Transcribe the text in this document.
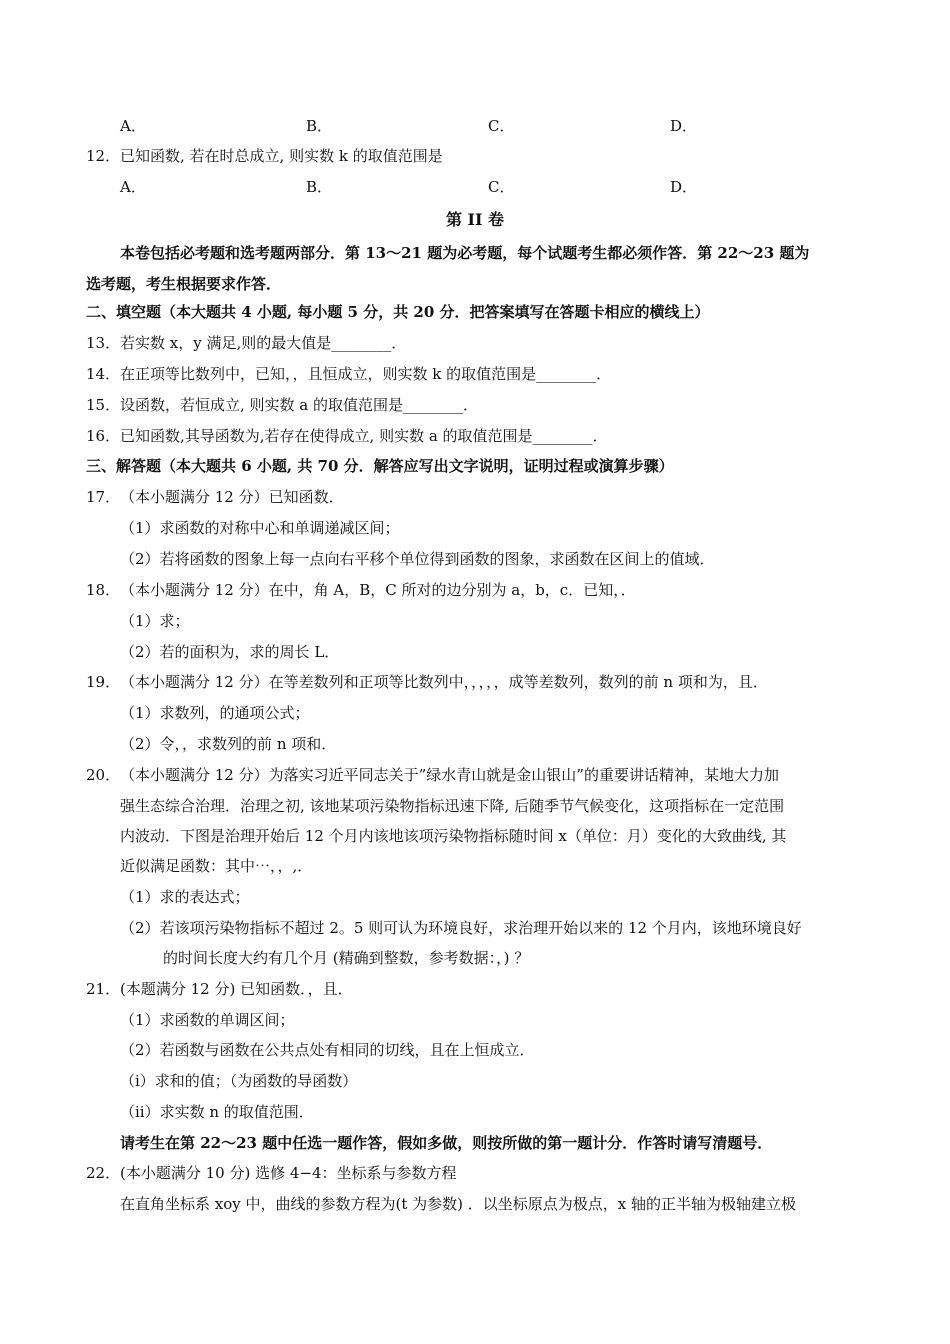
A．	B．	C．	D．
12． 已知函数, 若在时总成立, 则实数 k 的取值范围是
A．	B．	C．	D．
第 II 卷
本卷包括必考题和选考题两部分．第 13～21 题为必考题，每个试题考生都必须作答．第 22～23 题为
选考题，考生根据要求作答．
二、填空题（本大题共 4 小题, 每小题 5 分，共 20 分．把答案填写在答题卡相应的横线上）
13． 若实数 x，y 满足,则的最大值是________．
14． 在正项等比数列中，已知，，且恒成立，则实数 k 的取值范围是________．
15． 设函数，若恒成立, 则实数 a 的取值范围是________．
16． 已知函数,其导函数为,若存在使得成立, 则实数 a 的取值范围是________．
三、解答题（本大题共 6 小题, 共 70 分．解答应写出文字说明，证明过程或演算步骤）
17． （本小题满分 12 分）已知函数．
（1）求函数的对称中心和单调递减区间；
（2）若将函数的图象上每一点向右平移个单位得到函数的图象，求函数在区间上的值域．
18． （本小题满分 12 分）在中，角 A，B，C 所对的边分别为 a，b，c．已知，．
（1）求；
（2）若的面积为，求的周长 L．
19． （本小题满分 12 分）在等差数列和正项等比数列中，，，，，成等差数列，数列的前 n 项和为，且．
（1）求数列，的通项公式；
（2）令，，求数列的前 n 项和．
20． （本小题满分 12 分）为落实习近平同志关于”绿水青山就是金山银山”的重要讲话精神，某地大力加
强生态综合治理．治理之初, 该地某项污染物指标迅速下降, 后随季节气候变化，这项指标在一定范围
内波动．下图是治理开始后 12 个月内该地该项污染物指标随时间 x（单位：月）变化的大致曲线, 其
近似满足函数：其中⋯，，,．
（1）求的表达式；
（2）若该项污染物指标不超过 2。5 则可认为环境良好，求治理开始以来的 12 个月内，该地环境良好
的时间长度大约有几个月 (精确到整数，参考数据：，) ？
21． (本题满分 12 分) 已知函数．，且．
（1）求函数的单调区间；
（2）若函数与函数在公共点处有相同的切线，且在上恒成立．
（i）求和的值；（为函数的导函数）
（ii）求实数 n 的取值范围．
请考生在第 22～23 题中任选一题作答，假如多做，则按所做的第一题计分．作答时请写清题号．
22． (本小题满分 10 分) 选修 4−4：坐标系与参数方程
在直角坐标系 xoy 中，曲线的参数方程为(t 为参数) ．以坐标原点为极点，x 轴的正半轴为极轴建立极
